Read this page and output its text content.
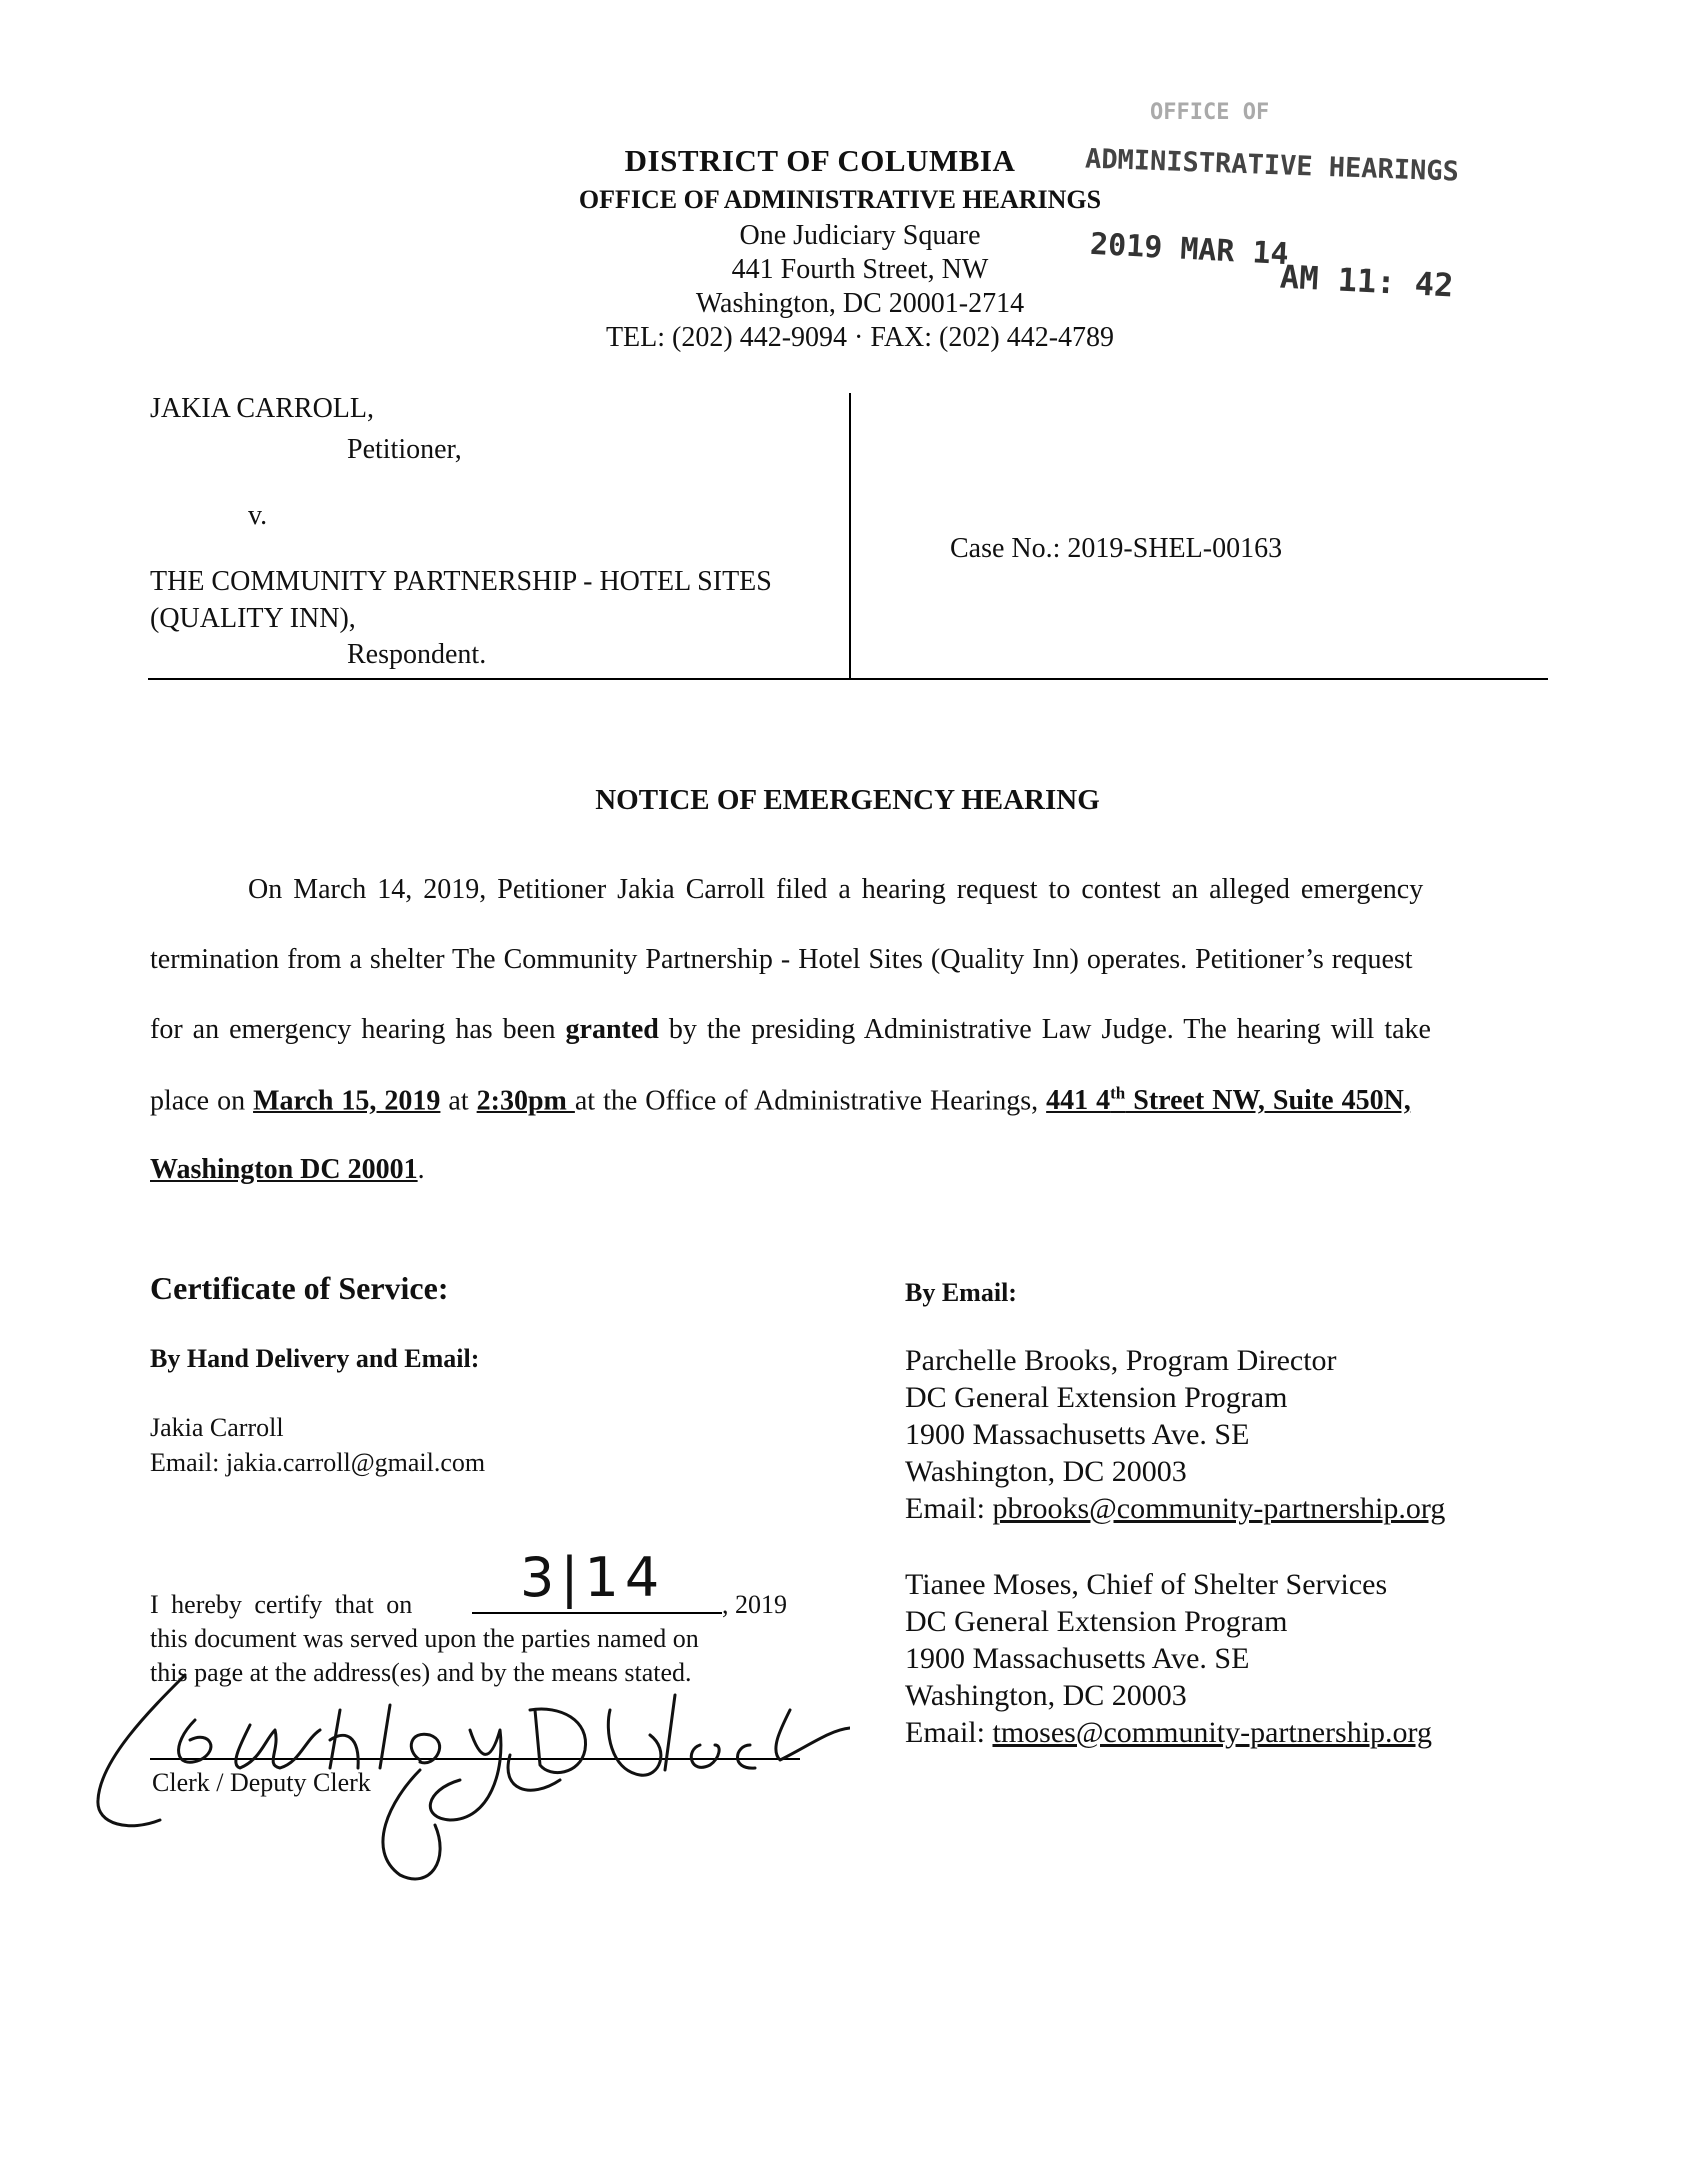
DISTRICT OF COLUMBIA
OFFICE OF ADMINISTRATIVE HEARINGS
One Judiciary Square
441 Fourth Street, NW
Washington, DC 20001-2714
TEL: (202) 442-9094 · FAX: (202) 442-4789
OFFICE OF
ADMINISTRATIVE HEARINGS
2019 MAR 14
AM 11: 42
JAKIA CARROLL,
Petitioner,
v.
THE COMMUNITY PARTNERSHIP - HOTEL SITES
(QUALITY INN),
Respondent.
Case No.: 2019-SHEL-00163
NOTICE OF EMERGENCY HEARING
On March 14, 2019, Petitioner Jakia Carroll filed a hearing request to contest an alleged emergency
termination from a shelter The Community Partnership - Hotel Sites (Quality Inn) operates. Petitioner’s request
for an emergency hearing has been granted by the presiding Administrative Law Judge. The hearing will take
place on March 15, 2019 at 2:30pm at the Office of Administrative Hearings, 441 4th Street NW, Suite 450N,
Washington DC 20001.
Certificate of Service:
By Hand Delivery and Email:
Jakia Carroll
Email: jakia.carroll@gmail.com
I hereby certify that on 3|14 , 2019
this document was served upon the parties named on
this page at the address(es) and by the means stated.
Clerk / Deputy Clerk
By Email:
Parchelle Brooks, Program Director
DC General Extension Program
1900 Massachusetts Ave. SE
Washington, DC 20003
Email: pbrooks@community-partnership.org
Tianee Moses, Chief of Shelter Services
DC General Extension Program
1900 Massachusetts Ave. SE
Washington, DC 20003
Email: tmoses@community-partnership.org
